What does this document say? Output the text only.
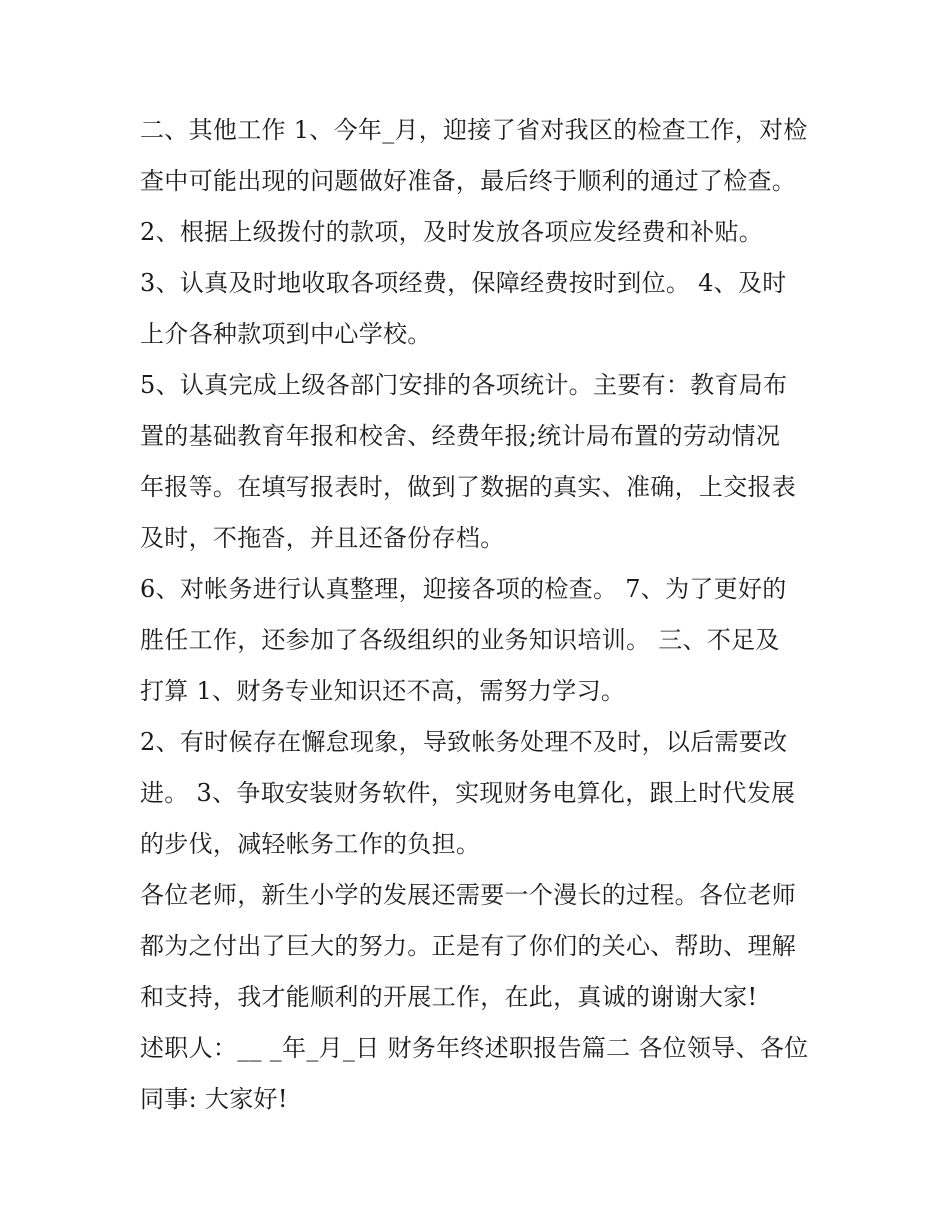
二、其他工作 1、今年_月，迎接了省对我区的检查工作，对检
查中可能出现的问题做好准备，最后终于顺利的通过了检查。
2、根据上级拨付的款项，及时发放各项应发经费和补贴。
3、认真及时地收取各项经费，保障经费按时到位。 4、及时
上介各种款项到中心学校。
5、认真完成上级各部门安排的各项统计。主要有：教育局布
置的基础教育年报和校舍、经费年报;统计局布置的劳动情况
年报等。在填写报表时，做到了数据的真实、准确，上交报表
及时，不拖沓，并且还备份存档。
6、对帐务进行认真整理，迎接各项的检查。 7、为了更好的
胜任工作，还参加了各级组织的业务知识培训。 三、不足及
打算 1、财务专业知识还不高，需努力学习。
2、有时候存在懈怠现象，导致帐务处理不及时，以后需要改
进。 3、争取安装财务软件，实现财务电算化，跟上时代发展
的步伐，减轻帐务工作的负担。
各位老师，新生小学的发展还需要一个漫长的过程。各位老师
都为之付出了巨大的努力。正是有了你们的关心、帮助、理解
和支持，我才能顺利的开展工作，在此，真诚的谢谢大家!
述职人：__ _年_月_日 财务年终述职报告篇二 各位领导、各位
同事: 大家好!
